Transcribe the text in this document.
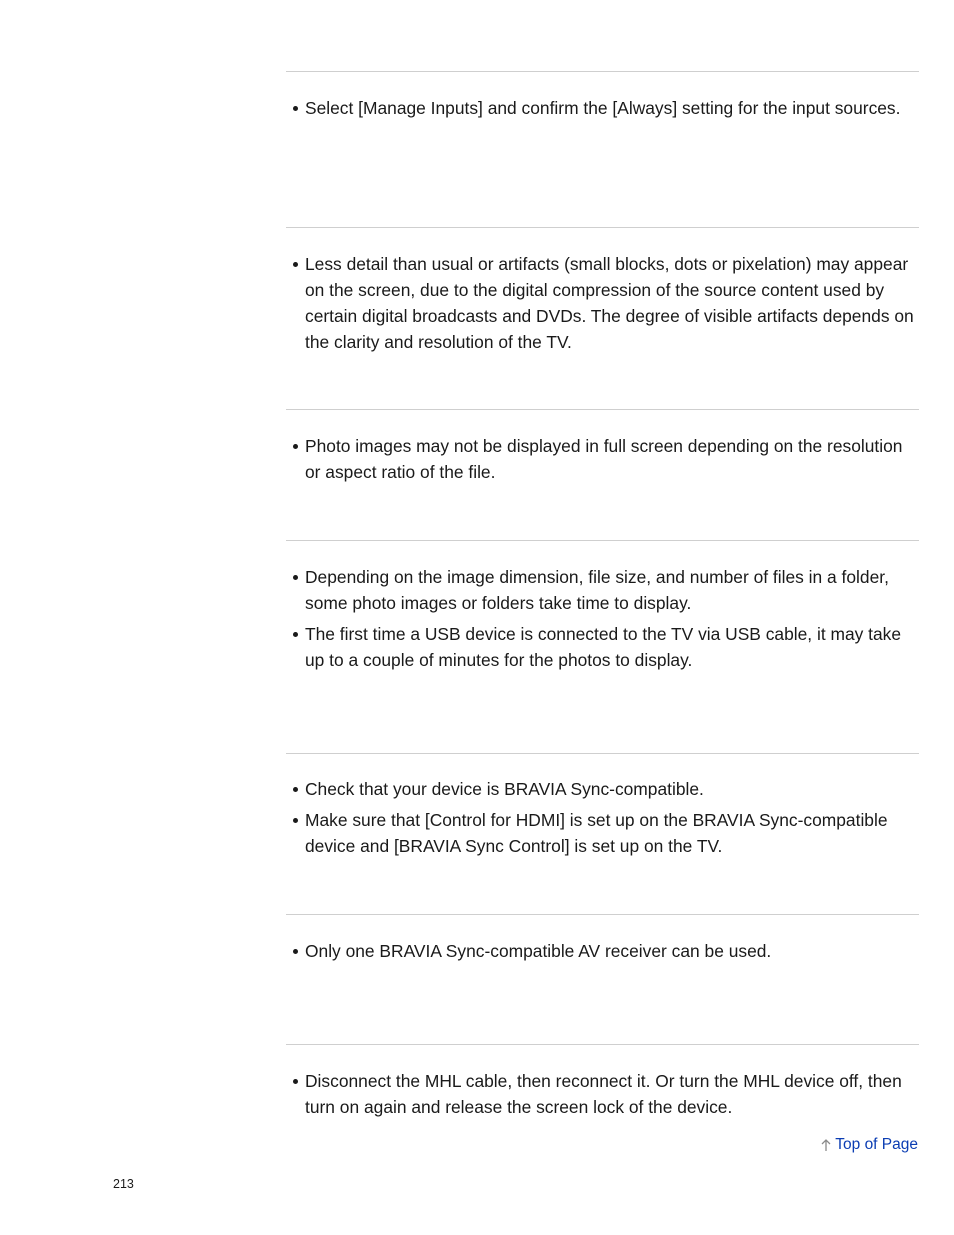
Select [Manage Inputs] and confirm the [Always] setting for the input sources.
Less detail than usual or artifacts (small blocks, dots or pixelation) may appear on the screen, due to the digital compression of the source content used by certain digital broadcasts and DVDs. The degree of visible artifacts depends on the clarity and resolution of the TV.
Photo images may not be displayed in full screen depending on the resolution or aspect ratio of the file.
Depending on the image dimension, file size, and number of files in a folder, some photo images or folders take time to display.
The first time a USB device is connected to the TV via USB cable, it may take up to a couple of minutes for the photos to display.
Check that your device is BRAVIA Sync-compatible.
Make sure that [Control for HDMI] is set up on the BRAVIA Sync-compatible device and [BRAVIA Sync Control] is set up on the TV.
Only one BRAVIA Sync-compatible AV receiver can be used.
Disconnect the MHL cable, then reconnect it. Or turn the MHL device off, then turn on again and release the screen lock of the device.
Top of Page
213
